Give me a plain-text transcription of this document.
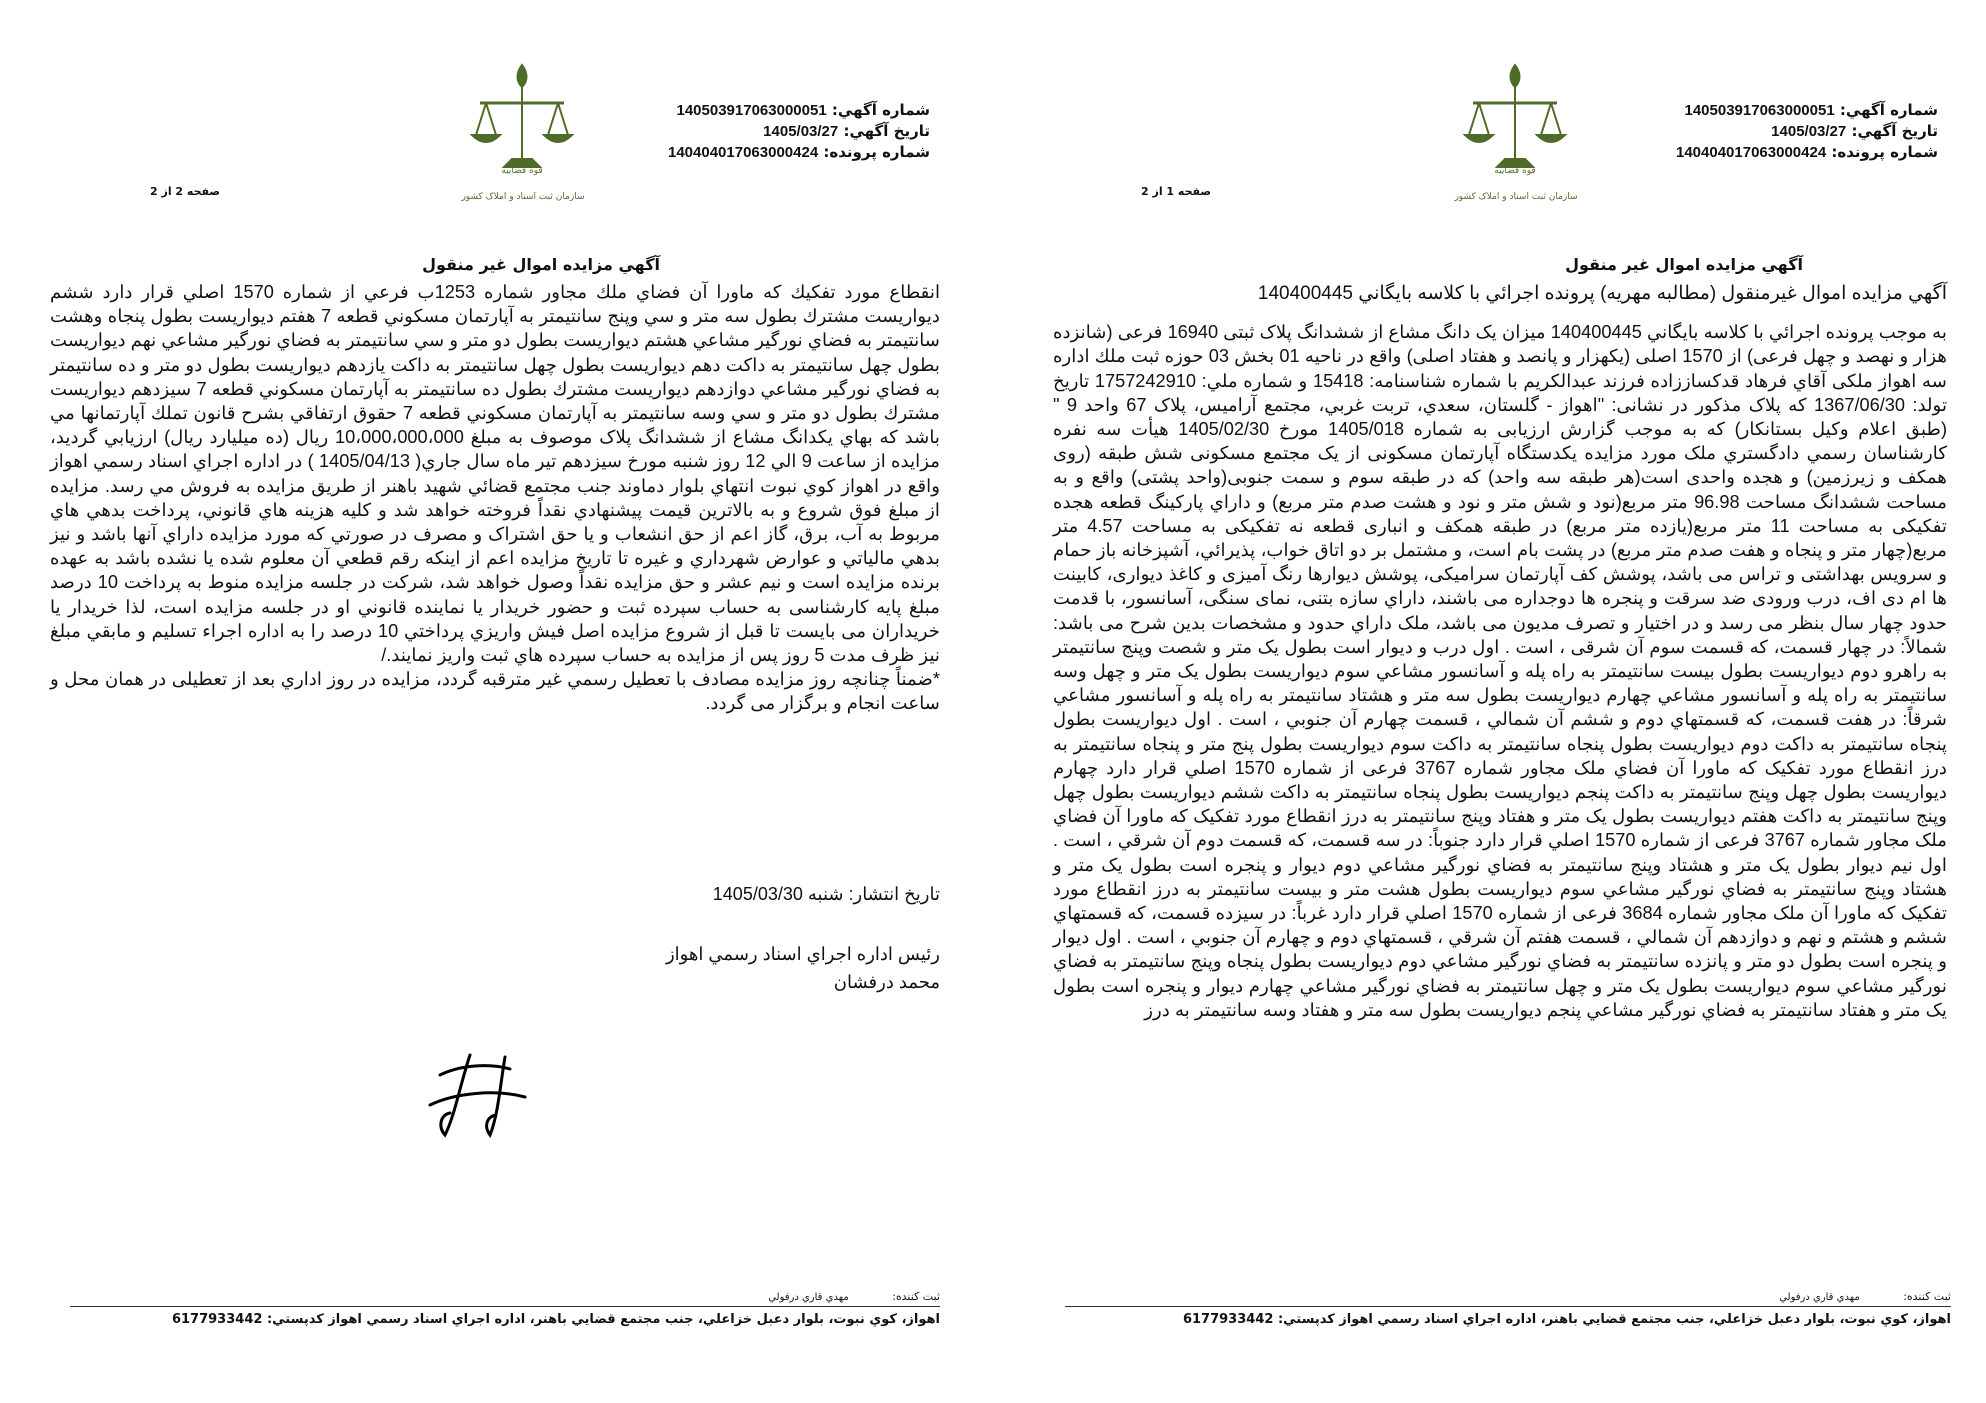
قوه قضاییه
سازمان ثبت اسناد و املاک کشور
شماره آگهي: 140503917063000051
تاريخ آگهي: 1405/03/27
شماره پرونده: 140404017063000424
صفحه 2 از 2
آگهي مزايده اموال غير منقول

انقطاع مورد تفكيك كه ماورا آن فضاي ملك مجاور شماره 1253ب فرعي از شماره 1570 اصلي قرار دارد ششم ديواريست مشترك بطول سه متر و سي وپنج سانتيمتر به آپارتمان مسكوني قطعه 7 هفتم ديواريست بطول پنجاه وهشت سانتيمتر به فضاي نورگير مشاعي هشتم ديواريست بطول دو متر و سي سانتيمتر به فضاي نورگير مشاعي نهم ديواريست بطول چهل سانتيمتر به داكت دهم ديواريست بطول چهل سانتيمتر به داكت يازدهم ديواريست بطول دو متر و ده سانتيمتر به فضاي نورگير مشاعي دوازدهم ديواريست مشترك بطول ده سانتيمتر به آپارتمان مسكوني قطعه 7 سيزدهم ديواريست مشترك بطول دو متر و سي وسه سانتيمتر به آپارتمان مسكوني قطعه 7 حقوق ارتفاقي بشرح قانون تملك آپارتمانها مي باشد كه بهاي يكدانگ مشاع از ششدانگ پلاک موصوف به مبلغ 10،000،000،000 ريال (ده ميليارد ريال) ارزيابي گرديد، مزايده از ساعت 9 الي 12 روز شنبه مورخ سيزدهم تير ماه سال جاري( 1405/04/13 ) در اداره اجراي اسناد رسمي اهواز واقع در اهواز كوي نبوت انتهاي بلوار دماوند جنب مجتمع قضائي شهيد باهنر از طريق مزايده به فروش مي رسد. مزايده از مبلغ فوق شروع و به بالاترين قيمت پيشنهادي نقداً فروخته خواهد شد و كليه هزينه هاي قانوني، پرداخت بدهي هاي مربوط به آب، برق، گاز اعم از حق انشعاب و يا حق اشتراک و مصرف در صورتي كه مورد مزايده داراي آنها باشد و نيز بدهي مالياتي و عوارض شهرداري و غيره تا تاريخ مزايده اعم از اينكه رقم قطعي آن معلوم شده يا نشده باشد به عهده برنده مزايده است و نيم عشر و حق مزايده نقداً وصول خواهد شد، شركت در جلسه مزايده منوط به پرداخت 10 درصد مبلغ پايه كارشناسی به حساب سپرده ثبت و حضور خريدار يا نماينده قانوني او در جلسه مزايده است، لذا خريدار يا خريداران می بايست تا قبل از شروع مزايده اصل فيش واريزي پرداختي 10 درصد را به اداره اجراء تسليم و مابقي مبلغ نيز ظرف مدت 5 روز پس از مزايده به حساب سپرده هاي ثبت واريز نمايند./

*ضمناً چنانچه روز مزايده مصادف با تعطيل رسمي غير مترقبه گردد، مزايده در روز اداري بعد از تعطيلی در همان محل و ساعت انجام و برگزار می گردد.

تاريخ انتشار: شنبه 1405/03/30
رئيس اداره اجراي اسناد رسمي اهواز
محمد درفشان
ثبت کننده: مهدي قاري درفولي
اهواز، كوي نبوت، بلوار دعبل خزاعلي، جنب مجتمع قضايي باهنر، اداره اجراي اسناد رسمي اهواز كدپستي: 6177933442
قوه قضاییه
سازمان ثبت اسناد و املاک کشور
شماره آگهي: 140503917063000051
تاريخ آگهي: 1405/03/27
شماره پرونده: 140404017063000424
صفحه 1 از 2
آگهي مزايده اموال غير منقول
آگهي مزايده اموال غيرمنقول (مطالبه مهريه) پرونده اجرائي با كلاسه بايگاني 140400445

به موجب پرونده اجرائي با كلاسه بايگاني 140400445 ميزان يک دانگ مشاع از ششدانگ پلاک ثبتی 16940 فرعی (شانزده هزار و نهصد و چهل فرعی) از 1570 اصلی (يكهزار و پانصد و هفتاد اصلی) واقع در ناحيه 01 بخش 03 حوزه ثبت ملك اداره سه اهواز ملكی آقاي فرهاد قدكساززاده فرزند عبدالكريم با شماره شناسنامه: 15418 و شماره ملي: 1757242910 تاريخ تولد: 1367/06/30 كه پلاک مذكور در نشانی: "اهواز - گلستان، سعدي، تربت غربي، مجتمع آراميس، پلاک 67 واحد 9 " (طبق اعلام وكيل بستانكار) كه به موجب گزارش ارزيابی به شماره 1405/018 مورخ 1405/02/30 هيأت سه نفره كارشناسان رسمي دادگستري ملک مورد مزايده يكدستگاه آپارتمان مسكونی از يک مجتمع مسكونی شش طبقه (روی همكف و زيرزمين) و هجده واحدی است(هر طبقه سه واحد) كه در طبقه سوم و سمت جنوبی(واحد پشتی) واقع و به مساحت ششدانگ مساحت 96.98 متر مربع(نود و شش متر و نود و هشت صدم متر مربع) و داراي پاركينگ قطعه هجده تفكيكی به مساحت 11 متر مربع(يازده متر مربع) در طبقه همكف و انباری قطعه نه تفكيكی به مساحت 4.57 متر مربع(چهار متر و پنجاه و هفت صدم متر مربع) در پشت بام است، و مشتمل بر دو اتاق خواب، پذيرائي، آشپزخانه باز حمام و سرويس بهداشتی و تراس می باشد، پوشش كف آپارتمان سراميكی، پوشش ديوارها رنگ آميزی و كاغذ ديواری، كابينت ها ام دی اف، درب ورودی ضد سرقت و پنجره ها دوجداره می باشند، داراي سازه بتنی، نمای سنگی، آسانسور، با قدمت حدود چهار سال بنظر می رسد و در اختيار و تصرف مديون می باشد، ملک داراي حدود و مشخصات بدين شرح می باشد: شمالاً: در چهار قسمت، كه قسمت سوم آن شرقی ، است . اول درب و ديوار است بطول يک متر و شصت وپنج سانتيمتر به راهرو دوم ديواريست بطول بيست سانتيمتر به راه پله و آسانسور مشاعي سوم ديواريست بطول يک متر و چهل وسه سانتيمتر به راه پله و آسانسور مشاعي چهارم ديواريست بطول سه متر و هشتاد سانتيمتر به راه پله و آسانسور مشاعي شرقاً: در هفت قسمت، كه قسمتهاي دوم و ششم آن شمالي ، قسمت چهارم آن جنوبي ، است . اول ديواريست بطول پنجاه سانتيمتر به داكت دوم ديواريست بطول پنجاه سانتيمتر به داكت سوم ديواريست بطول پنج متر و پنجاه سانتيمتر به درز انقطاع مورد تفكيک كه ماورا آن فضاي ملک مجاور شماره 3767 فرعی از شماره 1570 اصلي قرار دارد چهارم ديواريست بطول چهل وپنج سانتيمتر به داكت پنجم ديواريست بطول پنجاه سانتيمتر به داكت ششم ديواريست بطول چهل وپنج سانتيمتر به داكت هفتم ديواريست بطول يک متر و هفتاد وپنج سانتيمتر به درز انقطاع مورد تفكيک كه ماورا آن فضاي ملک مجاور شماره 3767 فرعی از شماره 1570 اصلي قرار دارد جنوباً: در سه قسمت، كه قسمت دوم آن شرقي ، است . اول نيم ديوار بطول يک متر و هشتاد وپنج سانتيمتر به فضاي نورگير مشاعي دوم ديوار و پنجره است بطول يک متر و هشتاد وپنج سانتيمتر به فضاي نورگير مشاعي سوم ديواريست بطول هشت متر و بيست سانتيمتر به درز انقطاع مورد تفكيک كه ماورا آن ملک مجاور شماره 3684 فرعی از شماره 1570 اصلي قرار دارد غرباً: در سيزده قسمت، كه قسمتهاي ششم و هشتم و نهم و دوازدهم آن شمالي ، قسمت هفتم آن شرقي ، قسمتهاي دوم و چهارم آن جنوبي ، است . اول ديوار و پنجره است بطول دو متر و پانزده سانتيمتر به فضاي نورگير مشاعي دوم ديواريست بطول پنجاه وپنج سانتيمتر به فضاي نورگير مشاعي سوم ديواريست بطول يک متر و چهل سانتيمتر به فضاي نورگير مشاعي چهارم ديوار و پنجره است بطول يک متر و هفتاد سانتيمتر به فضاي نورگير مشاعي پنجم ديواريست بطول سه متر و هفتاد وسه سانتيمتر به درز

ثبت کننده: مهدي قاري درفولي
اهواز، كوي نبوت، بلوار دعبل خزاعلي، جنب مجتمع قضايي باهنر، اداره اجراي اسناد رسمي اهواز كدپستي: 6177933442
